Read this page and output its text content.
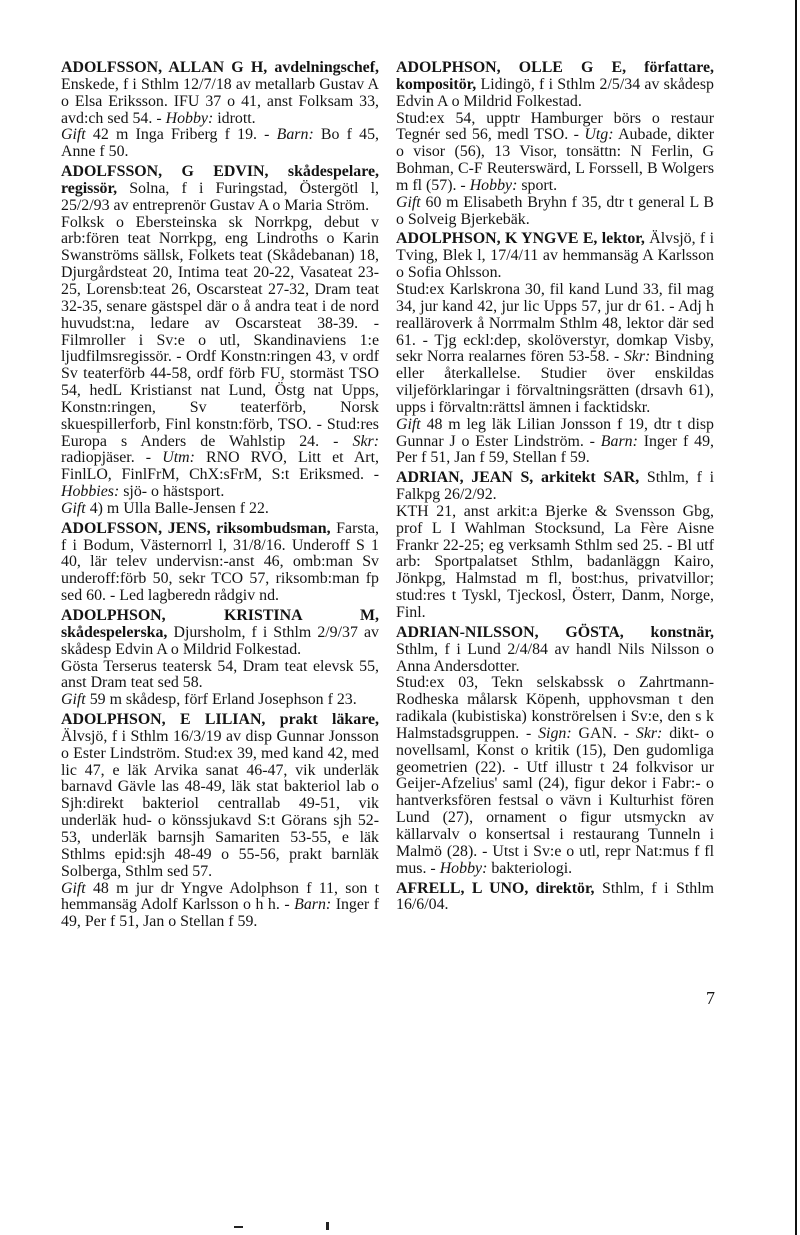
ADOLFSSON, ALLAN G H, avdelningschef, Enskede, f i Sthlm 12/7/18 av metallarb Gustav A o Elsa Eriksson. IFU 37 o 41, anst Folksam 33, avd:ch sed 54. - Hobby: idrott.

Gift 42 m Inga Friberg f 19. - Barn: Bo f 45, Anne f 50.

ADOLFSSON, G EDVIN, skådespelare, regissör, Solna, f i Furingstad, Östergötl l, 25/2/93 av entreprenör Gustav A o Maria Ström.

Folksk o Ebersteinska sk Norrkpg, debut v arb:fören teat Norrkpg, eng Lindroths o Karin Swanströms sällsk, Folkets teat (Skådebanan) 18, Djurgårdsteat 20, Intima teat 20-22, Vasateat 23-25, Lorensb:teat 26, Oscarsteat 27-32, Dram teat 32-35, senare gästspel där o å andra teat i de nord huvudst:na, ledare av Oscarsteat 38-39. - Filmroller i Sv:e o utl, Skandinaviens 1:e ljudfilmsregissör. - Ordf Konstn:ringen 43, v ordf Sv teaterförb 44-58, ordf förb FU, stormäst TSO 54, hedL Kristianst nat Lund, Östg nat Upps, Konstn:ringen, Sv teaterförb, Norsk skuespillerforb, Finl konstn:förb, TSO. - Stud:res Europa s Anders de Wahlstip 24. - Skr: radiopjäser. - Utm: RNO RVO, Litt et Art, FinlLO, FinlFrM, ChX:sFrM, S:t Eriksmed. - Hobbies: sjö- o hästsport.

Gift 4) m Ulla Balle-Jensen f 22.

ADOLFSSON, JENS, riksombudsman, Farsta, f i Bodum, Västernorrl l, 31/8/16. Underoff S 1 40, lär telev undervisn:-anst 46, omb:man Sv underoff:förb 50, sekr TCO 57, riksomb:man fp sed 60. - Led lagberedn rådgiv nd.

ADOLPHSON, KRISTINA M, skådespelerska, Djursholm, f i Sthlm 2/9/37 av skådesp Edvin A o Mildrid Folkestad.

Gösta Terserus teatersk 54, Dram teat elevsk 55, anst Dram teat sed 58.

Gift 59 m skådesp, förf Erland Josephson f 23.

ADOLPHSON, E LILIAN, prakt läkare, Älvsjö, f i Sthlm 16/3/19 av disp Gunnar Jonsson o Ester Lindström. Stud:ex 39, med kand 42, med lic 47, e läk Arvika sanat 46-47, vik underläk barnavd Gävle las 48-49, läk stat bakteriol lab o Sjh:direkt bakteriol centrallab 49-51, vik underläk hud- o könssjukavd S:t Görans sjh 52-53, underläk barnsjh Samariten 53-55, e läk Sthlms epid:sjh 48-49 o 55-56, prakt barnläk Solberga, Sthlm sed 57.

Gift 48 m jur dr Yngve Adolphson f 11, son t hemmansäg Adolf Karlsson o h h. - Barn: Inger f 49, Per f 51, Jan o Stellan f 59.

ADOLPHSON, OLLE G E, författare, kompositör, Lidingö, f i Sthlm 2/5/34 av skådesp Edvin A o Mildrid Folkestad.

Stud:ex 54, upptr Hamburger börs o restaur Tegnér sed 56, medl TSO. - Utg: Aubade, dikter o visor (56), 13 Visor, tonsättn: N Ferlin, G Bohman, C-F Reuterswärd, L Forssell, B Wolgers m fl (57). - Hobby: sport.

Gift 60 m Elisabeth Bryhn f 35, dtr t general L B o Solveig Bjerkebäk.

ADOLPHSON, K YNGVE E, lektor, Älvsjö, f i Tving, Blek l, 17/4/11 av hemmansäg A Karlsson o Sofia Ohlsson.

Stud:ex Karlskrona 30, fil kand Lund 33, fil mag 34, jur kand 42, jur lic Upps 57, jur dr 61. - Adj h realläroverk å Norrmalm Sthlm 48, lektor där sed 61. - Tjg eckl:dep, skolöverstyr, domkap Visby, sekr Norra realarnes fören 53-58. - Skr: Bindning eller återkallelse. Studier över enskildas viljeförklaringar i förvaltningsrätten (drsavh 61), upps i förvaltn:rättsl ämnen i facktidskr.

Gift 48 m leg läk Lilian Jonsson f 19, dtr t disp Gunnar J o Ester Lindström. - Barn: Inger f 49, Per f 51, Jan f 59, Stellan f 59.

ADRIAN, JEAN S, arkitekt SAR, Sthlm, f i Falkpg 26/2/92.

KTH 21, anst arkit:a Bjerke & Svensson Gbg, prof L I Wahlman Stocksund, La Fère Aisne Frankr 22-25; eg verksamh Sthlm sed 25. - Bl utf arb: Sportpalatset Sthlm, badanläggn Kairo, Jönkpg, Halmstad m fl, bost:hus, privatvillor; stud:res t Tyskl, Tjeckosl, Österr, Danm, Norge, Finl.

ADRIAN-NILSSON, GÖSTA, konstnär, Sthlm, f i Lund 2/4/84 av handl Nils Nilsson o Anna Andersdotter.

Stud:ex 03, Tekn selskabssk o Zahrtmann-Rodheska målarsk Köpenh, upphovsman t den radikala (kubistiska) konströrelsen i Sv:e, den s k Halmstadsgruppen. - Sign: GAN. - Skr: dikt- o novellsaml, Konst o kritik (15), Den gudomliga geometrien (22). - Utf illustr t 24 folkvisor ur Geijer-Afzelius' saml (24), figur dekor i Fabr:- o hantverksfören festsal o vävn i Kulturhist fören Lund (27), ornament o figur utsmyckn av källarvalv o konsertsal i restaurang Tunneln i Malmö (28). - Utst i Sv:e o utl, repr Nat:mus f fl mus. - Hobby: bakteriologi.

AFRELL, L UNO, direktör, Sthlm, f i Sthlm 16/6/04.

7
